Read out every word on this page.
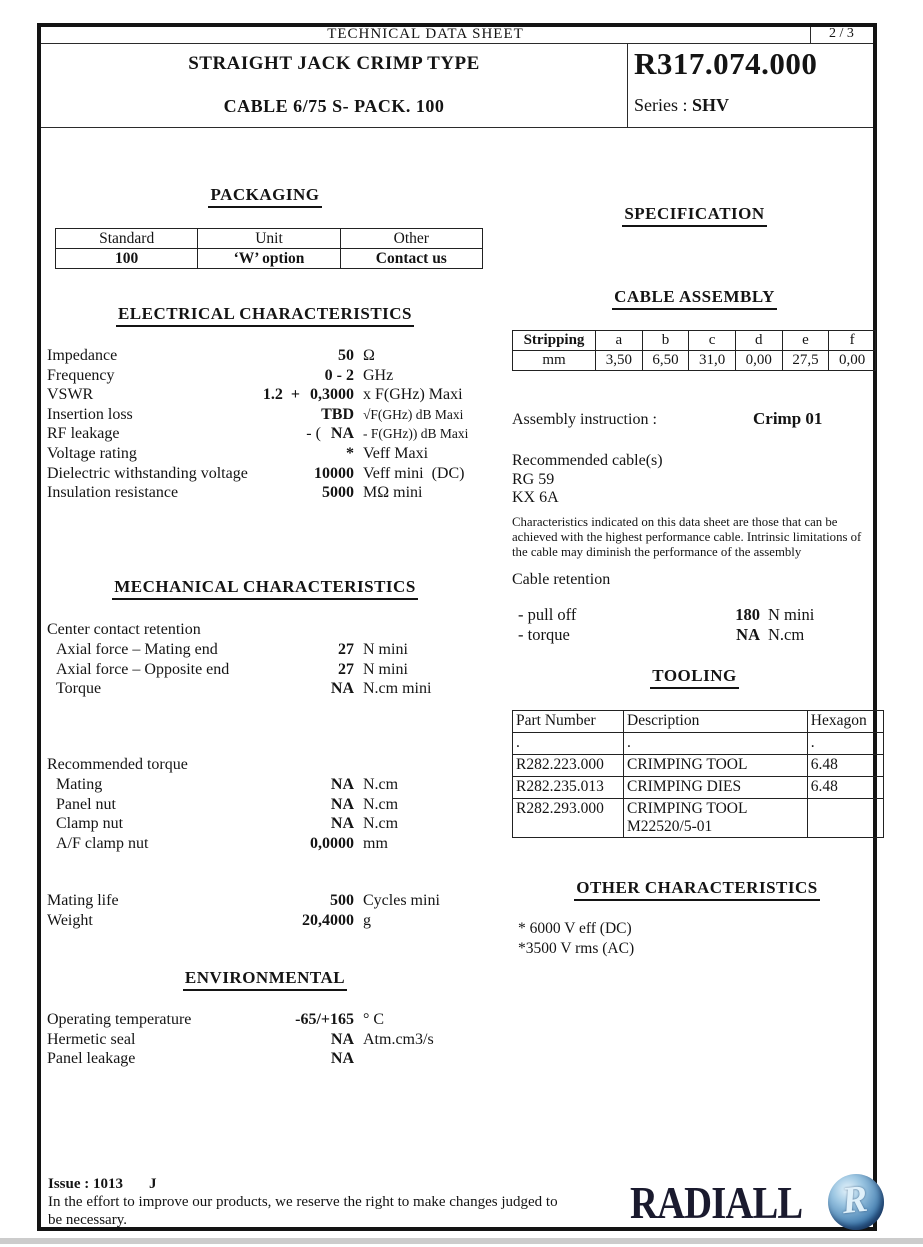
TECHNICAL DATA SHEET	2 / 3
STRAIGHT JACK CRIMP TYPE
CABLE 6/75 S- PACK. 100
R317.074.000
Series : SHV
PACKAGING
Standard	Unit	Other
100	‘W’ option	Contact us
ELECTRICAL CHARACTERISTICS
Impedance	50 Ω
Frequency	0 - 2 GHz
VSWR	1.2  + 0,3000 x F(GHz) Maxi
Insertion loss	TBD √F(GHz) dB Maxi
RF leakage	- ( NA - F(GHz)) dB Maxi
Voltage rating	* Veff Maxi
Dielectric withstanding voltage	10000 Veff mini  (DC)
Insulation resistance	5000 MΩ mini
MECHANICAL CHARACTERISTICS
Center contact retention
Axial force – Mating end	27 N mini
Axial force – Opposite end	27 N mini
Torque	NA N.cm mini
Recommended torque
Mating	NA N.cm
Panel nut	NA N.cm
Clamp nut	NA N.cm
A/F clamp nut	0,0000 mm
Mating life	500 Cycles mini
Weight	20,4000 g
ENVIRONMENTAL
Operating temperature	-65/+165 ° C
Hermetic seal	NA Atm.cm3/s
Panel leakage	NA
SPECIFICATION
CABLE ASSEMBLY
Stripping	a	b	c	d	e	f
mm	3,50	6,50	31,0	0,00	27,5	0,00
Assembly instruction :	Crimp 01
Recommended cable(s)
RG 59
KX 6A
Characteristics indicated on this data sheet are those that can be
achieved with the highest performance cable. Intrinsic limitations of
the cable may diminish the performance of the assembly
Cable retention
- pull off	180 N mini
- torque	NA N.cm
TOOLING
Part Number	Description	Hexagon
.	.	.
R282.223.000	CRIMPING TOOL	6.48
R282.235.013	CRIMPING DIES	6.48
R282.293.000	CRIMPING TOOL
M22520/5-01	

OTHER CHARACTERISTICS
* 6000 V eff (DC)
*3500 V rms (AC)
Issue : 1013 J
In the effort to improve our products, we reserve the right to make changes judged to
be necessary.	RADIALL R
